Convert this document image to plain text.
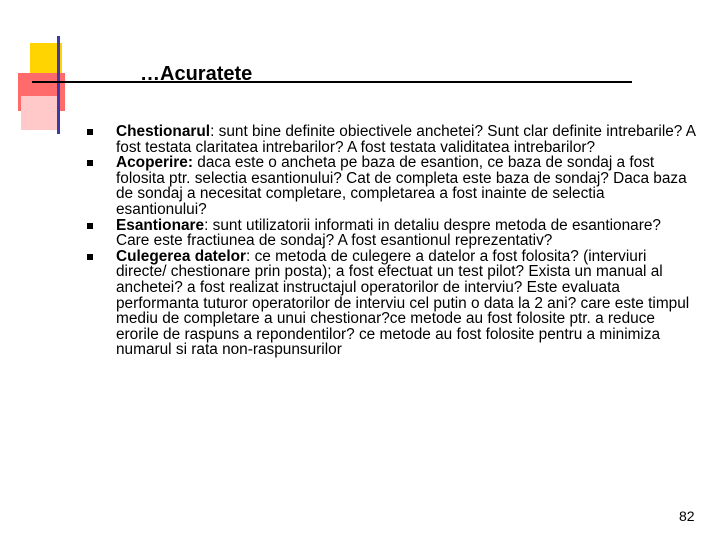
…Acuratete
Chestionarul: sunt bine definite obiectivele anchetei? Sunt clar definite intrebarile? A fost testata claritatea intrebarilor? A fost testata validitatea intrebarilor?
Acoperire: daca este o ancheta pe baza de esantion, ce baza de sondaj a fost folosita ptr. selectia esantionului? Cat de completa este baza de sondaj? Daca baza de sondaj a necesitat completare, completarea a fost inainte de selectia esantionului?
Esantionare: sunt utilizatorii informati in detaliu despre metoda de esantionare? Care este fractiunea de sondaj? A fost esantionul reprezentativ?
Culegerea datelor: ce metoda de culegere a datelor a fost folosita? (interviuri directe/ chestionare prin posta); a fost efectuat un test pilot? Exista un manual al anchetei? a fost realizat instructajul operatorilor de interviu? Este evaluata performanta tuturor operatorilor de interviu cel putin o data la 2 ani? care este timpul mediu de completare a unui chestionar?ce metode au fost folosite ptr. a reduce erorile de raspuns a repondentilor? ce metode au fost folosite pentru a minimiza numarul si rata non-raspunsurilor
82
